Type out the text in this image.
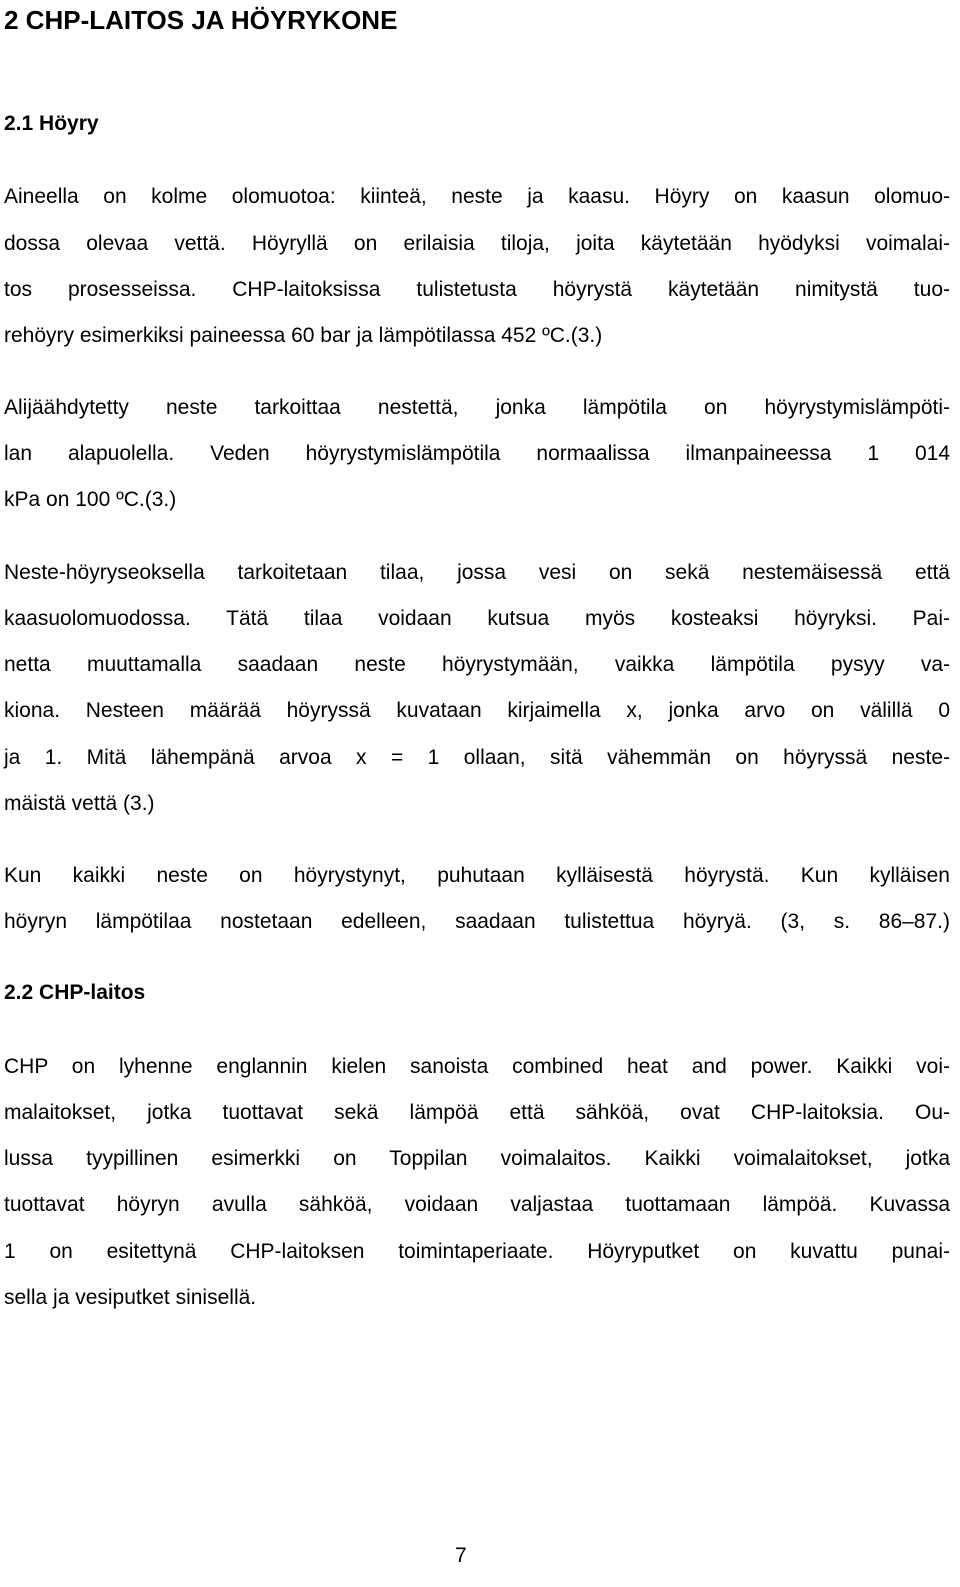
2 CHP-LAITOS JA HÖYRYKONE
2.1 Höyry

Aineella on kolme olomuotoa: kiinteä, neste ja kaasu. Höyry on kaasun olomuo-

dossa olevaa vettä. Höyryllä on erilaisia tiloja, joita käytetään hyödyksi voimalai-

tos prosesseissa. CHP-laitoksissa tulistetusta höyrystä käytetään nimitystä tuo-

rehöyry esimerkiksi paineessa 60 bar ja lämpötilassa 452 ºC.(3.)

Alijäähdytetty neste tarkoittaa nestettä, jonka lämpötila on höyrystymislämpöti-

lan alapuolella. Veden höyrystymislämpötila normaalissa ilmanpaineessa 1 014

kPa on 100 ºC.(3.)

Neste-höyryseoksella tarkoitetaan tilaa, jossa vesi on sekä nestemäisessä että

kaasuolomuodossa. Tätä tilaa voidaan kutsua myös kosteaksi höyryksi. Pai-

netta muuttamalla saadaan neste höyrystymään, vaikka lämpötila pysyy va-

kiona. Nesteen määrää höyryssä kuvataan kirjaimella x, jonka arvo on välillä 0

ja 1. Mitä lähempänä arvoa x = 1 ollaan, sitä vähemmän on höyryssä neste-

mäistä vettä (3.)

Kun kaikki neste on höyrystynyt, puhutaan kylläisestä höyrystä. Kun kylläisen

höyryn lämpötilaa nostetaan edelleen, saadaan tulistettua höyryä. (3, s. 86–87.)

2.2 CHP-laitos

CHP on lyhenne englannin kielen sanoista combined heat and power. Kaikki voi-

malaitokset, jotka tuottavat sekä lämpöä että sähköä, ovat CHP-laitoksia. Ou-

lussa tyypillinen esimerkki on Toppilan voimalaitos. Kaikki voimalaitokset, jotka

tuottavat höyryn avulla sähköä, voidaan valjastaa tuottamaan lämpöä. Kuvassa

1 on esitettynä CHP-laitoksen toimintaperiaate. Höyryputket on kuvattu punai-

sella ja vesiputket sinisellä.

7
